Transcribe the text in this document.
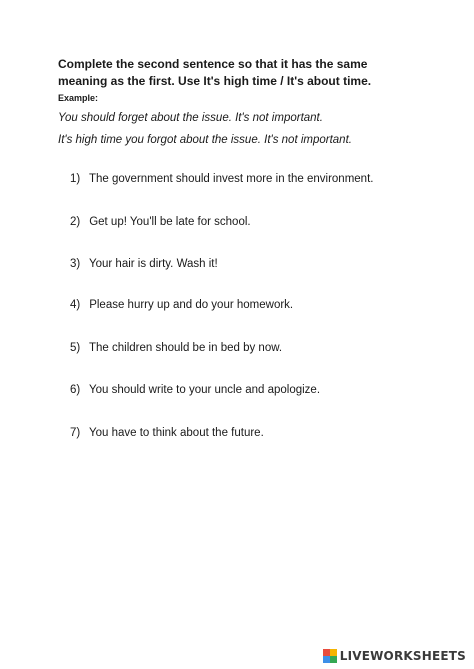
Complete the second sentence so that it has the same meaning as the first. Use It's high time / It's about time.
Example:
You should forget about the issue. It's not important.
It's high time you forgot about the issue. It's not important.
1) The government should invest more in the environment.
2) Get up! You'll be late for school.
3) Your hair is dirty. Wash it!
4) Please hurry up and do your homework.
5) The children should be in bed by now.
6) You should write to your uncle and apologize.
7) You have to think about the future.
LIVEWORKSHEETS
